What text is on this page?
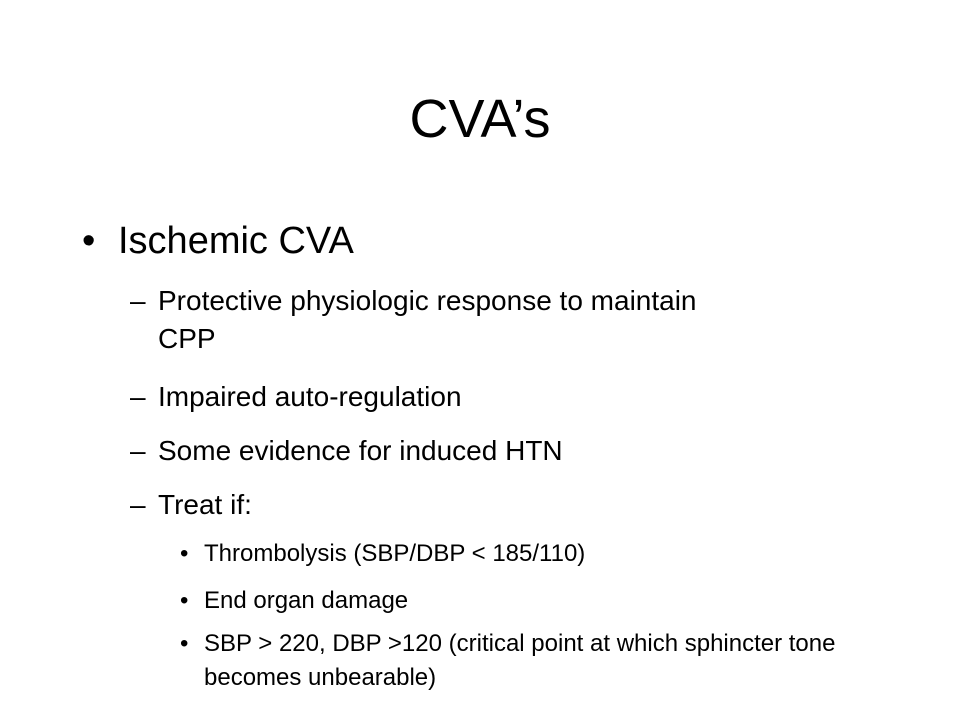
CVA’s
• Ischemic CVA
– Protective physiologic response to maintain CPP
– Impaired auto-regulation
– Some evidence for induced HTN
– Treat if:
• Thrombolysis (SBP/DBP < 185/110)
• End organ damage
• SBP > 220, DBP >120 (critical point at which sphincter tone becomes unbearable)
